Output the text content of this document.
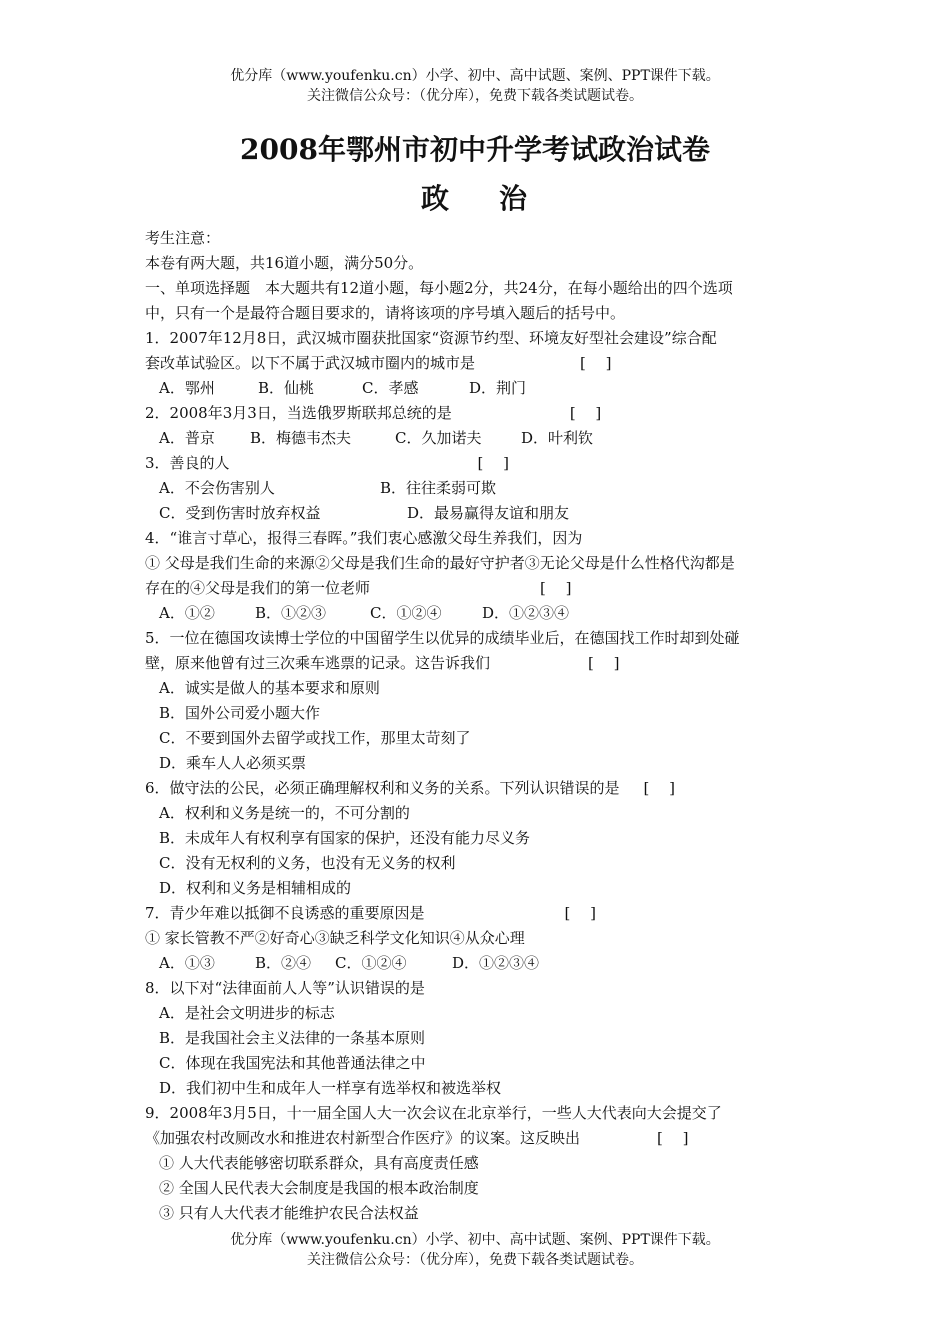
优分库（www.youfenku.cn）小学、初中、高中试题、案例、PPT课件下载。
关注微信公众号：（优分库），免费下载各类试题试卷。
2008年鄂州市初中升学考试政治试卷
政 治
考生注意：
本卷有两大题，共16道小题，满分50分。
一、单项选择题　本大题共有12道小题，每小题2分，共24分，在每小题给出的四个选项
中，只有一个是最符合题目要求的，请将该项的序号填入题后的括号中。
1．2007年12月8日，武汉城市圈获批国家“资源节约型、环境友好型社会建设”综合配
套改革试验区。以下不属于武汉城市圈内的城市是	[　 ]
A．鄂州	B．仙桃	C．孝感	D．荆门
2．2008年3月3日，当选俄罗斯联邦总统的是	[　 ]
A．普京 B．梅德韦杰夫	C．久加诺夫	D．叶利钦
3．善良的人	[　 ]
A．不会伤害别人	B．往往柔弱可欺
C．受到伤害时放弃权益	D．最易赢得友谊和朋友
4．“谁言寸草心，报得三春晖。”我们衷心感激父母生养我们，因为
① 父母是我们生命的来源②父母是我们生命的最好守护者③无论父母是什么性格代沟都是
存在的④父母是我们的第一位老师	[　 ]
A．①②	B．①②③	C．①②④	D．①②③④
5．一位在德国攻读博士学位的中国留学生以优异的成绩毕业后，在德国找工作时却到处碰
壁，原来他曾有过三次乘车逃票的记录。这告诉我们	[　 ]
A．诚实是做人的基本要求和原则
B．国外公司爱小题大作
C．不要到国外去留学或找工作，那里太苛刻了
D．乘车人人必须买票
6．做守法的公民，必须正确理解权利和义务的关系。下列认识错误的是 [　 ]
A．权利和义务是统一的，不可分割的
B．未成年人有权利享有国家的保护，还没有能力尽义务
C．没有无权利的义务，也没有无义务的权利
D．权利和义务是相辅相成的
7．青少年难以抵御不良诱惑的重要原因是	[　 ]
① 家长管教不严②好奇心③缺乏科学文化知识④从众心理
A．①③	B．②④ C．①②④	D．①②③④
8．以下对“法律面前人人等”认识错误的是
A．是社会文明进步的标志
B．是我国社会主义法律的一条基本原则
C．体现在我国宪法和其他普通法律之中
D．我们初中生和成年人一样享有选举权和被选举权
9．2008年3月5日，十一届全国人大一次会议在北京举行，一些人大代表向大会提交了
《加强农村改厕改水和推进农村新型合作医疗》的议案。这反映出	[　 ]
① 人大代表能够密切联系群众，具有高度责任感
② 全国人民代表大会制度是我国的根本政治制度
③ 只有人大代表才能维护农民合法权益
优分库（www.youfenku.cn）小学、初中、高中试题、案例、PPT课件下载。
关注微信公众号：（优分库），免费下载各类试题试卷。
